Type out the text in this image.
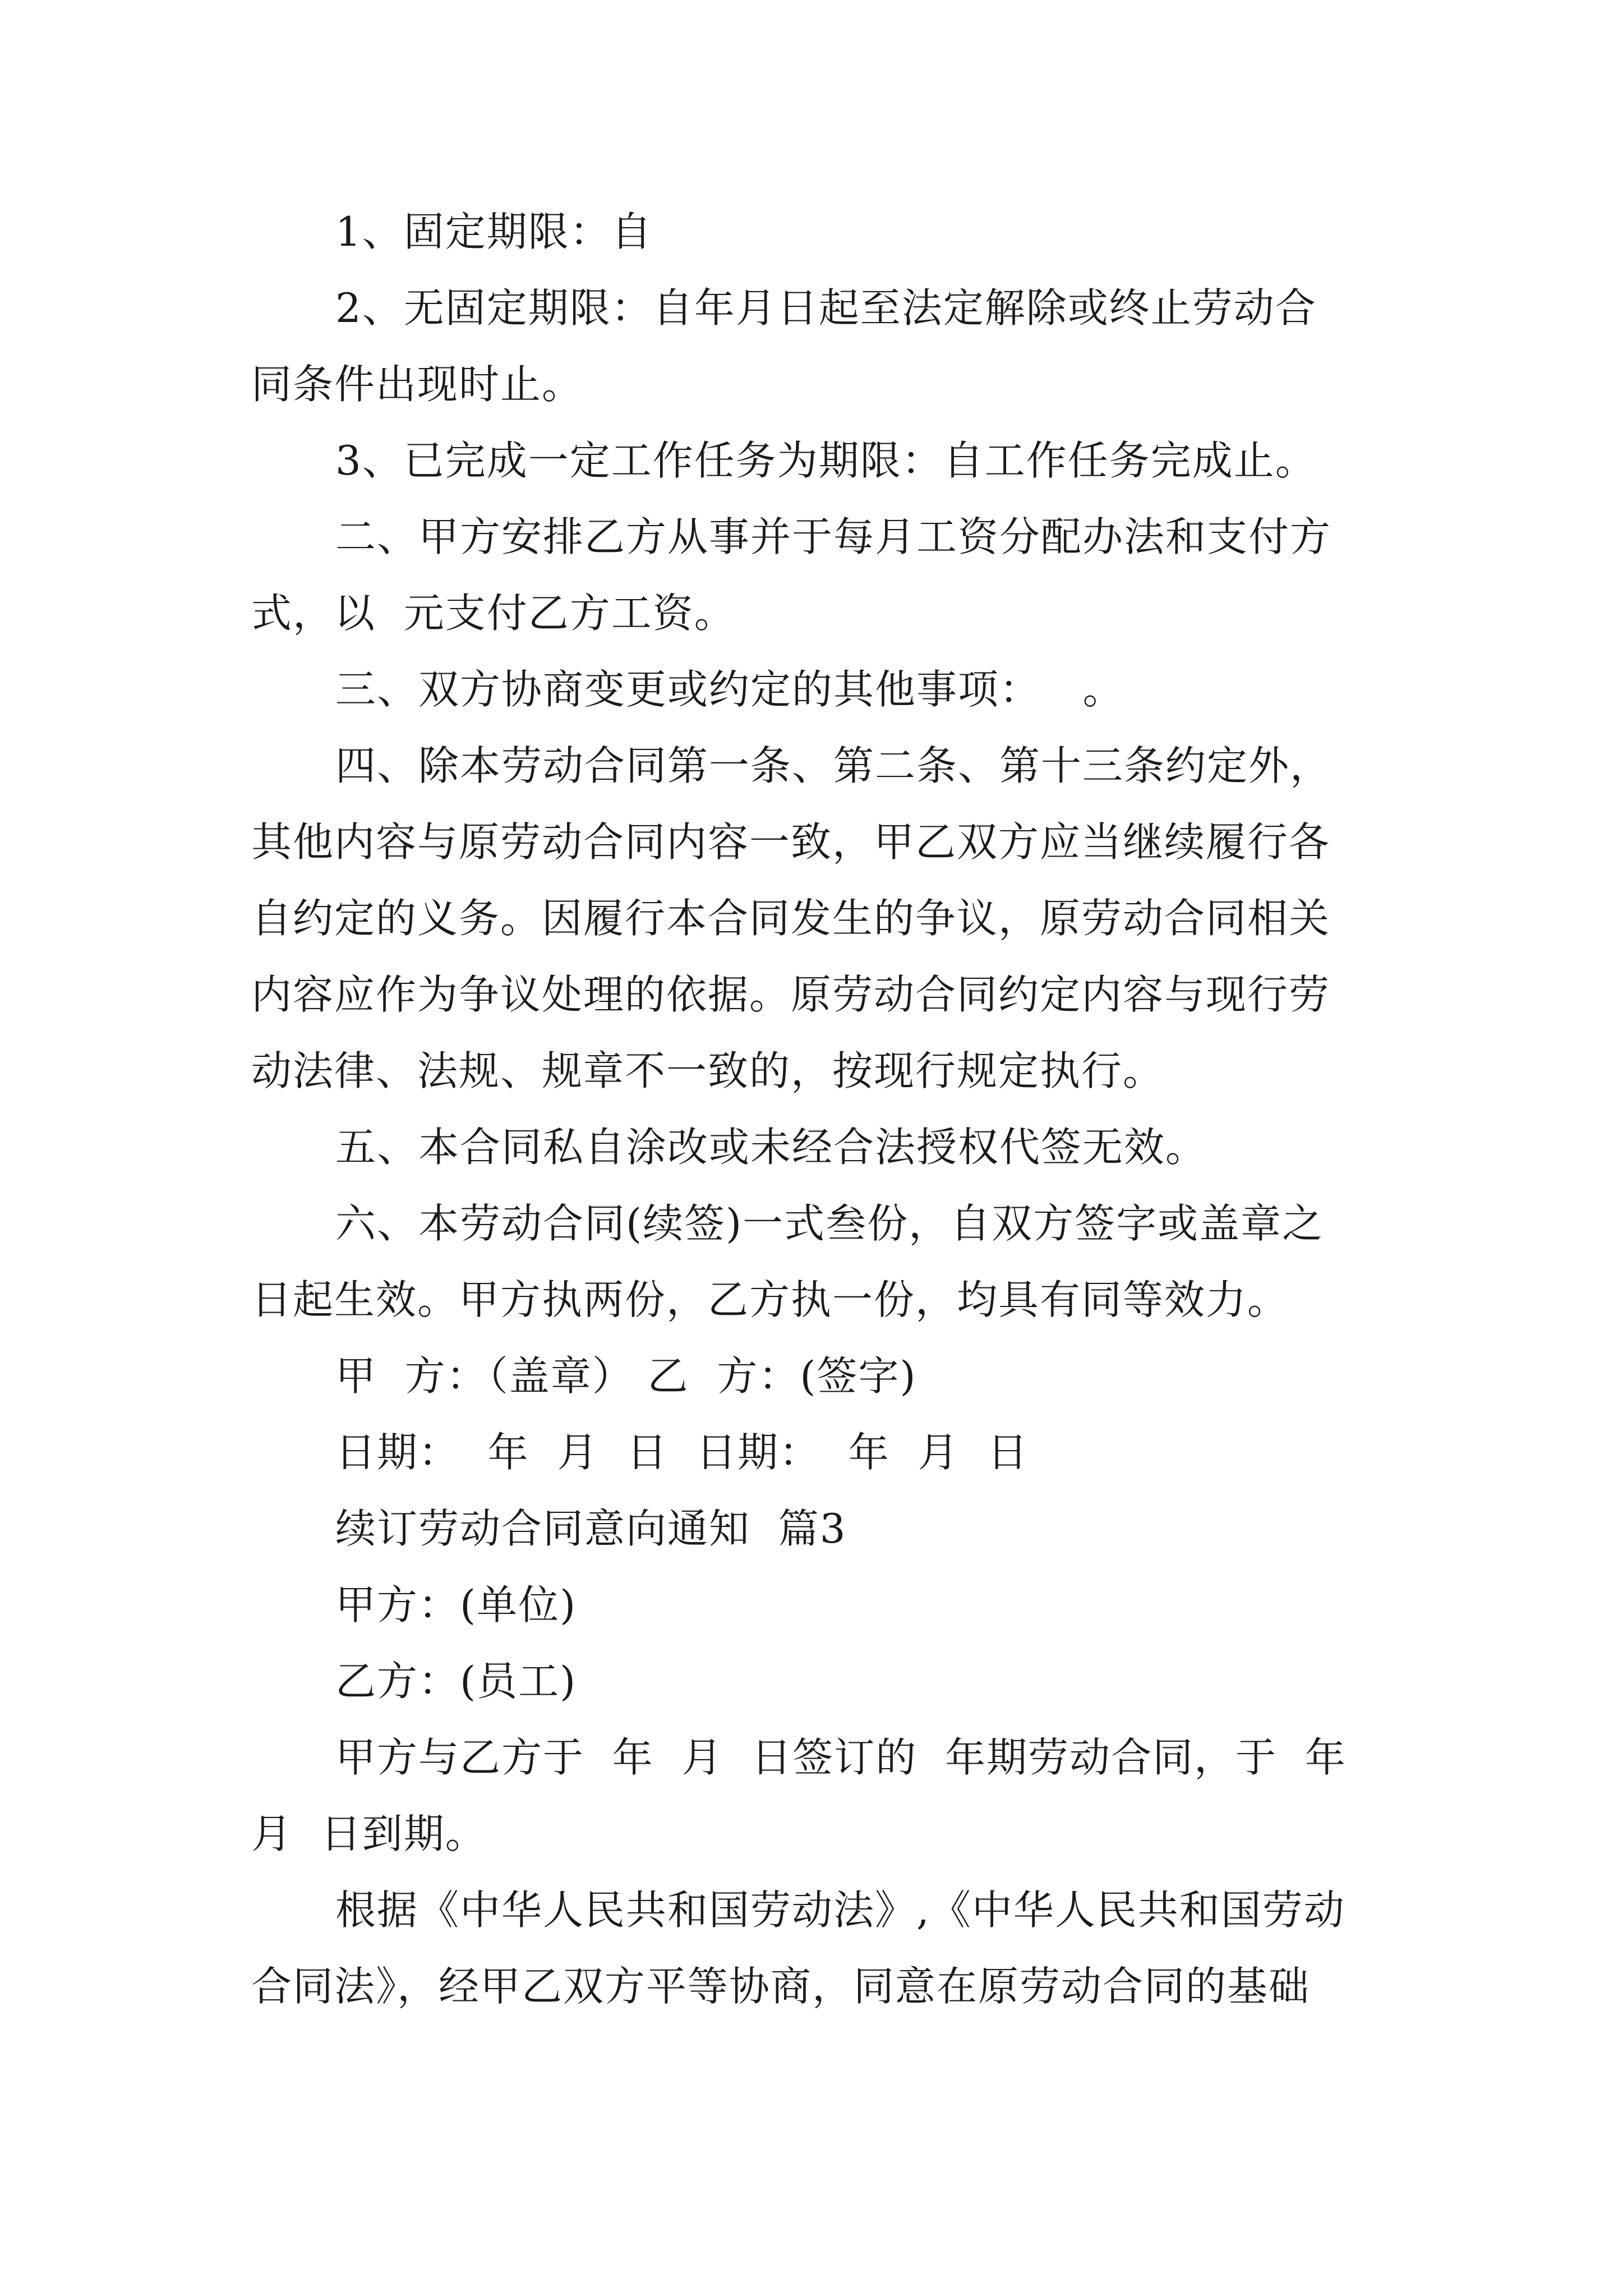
1、固定期限：自
2、无固定期限：自年月日起至法定解除或终止劳动合
同条件出现时止。
3、已完成一定工作任务为期限：自工作任务完成止。
二、甲方安排乙方从事并于每月工资分配办法和支付方
式，以  元支付乙方工资。
三、双方协商变更或约定的其他事项：   。
四、除本劳动合同第一条、第二条、第十三条约定外，
其他内容与原劳动合同内容一致，甲乙双方应当继续履行各
自约定的义务。因履行本合同发生的争议，原劳动合同相关
内容应作为争议处理的依据。原劳动合同约定内容与现行劳
动法律、法规、规章不一致的，按现行规定执行。
五、本合同私自涂改或未经合法授权代签无效。
六、本劳动合同(续签)一式叁份，自双方签字或盖章之
日起生效。甲方执两份，乙方执一份，均具有同等效力。
甲  方：（盖章） 乙  方：(签字)
日期：  年  月  日  日期：  年  月  日
续订劳动合同意向通知  篇3
甲方：(单位)
乙方：(员工)
甲方与乙方于  年  月  日签订的  年期劳动合同，于  年
月  日到期。
根据《中华人民共和国劳动法》,《中华人民共和国劳动
合同法》，经甲乙双方平等协商，同意在原劳动合同的基础
